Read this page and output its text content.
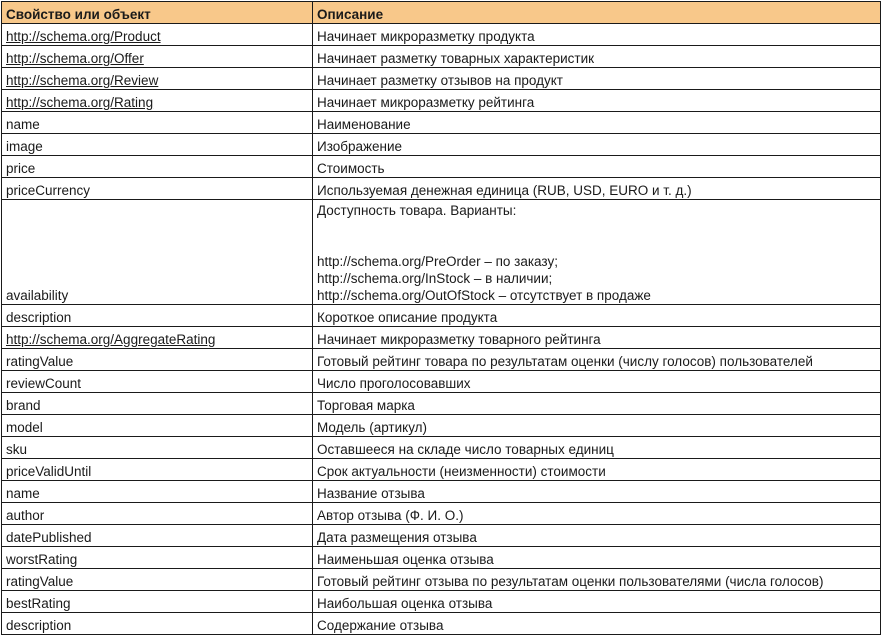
Свойство или объект	Описание
http://schema.org/Product	Начинает микроразметку продукта
http://schema.org/Offer	Начинает разметку товарных характеристик
http://schema.org/Review	Начинает разметку отзывов на продукт
http://schema.org/Rating	Начинает микроразметку рейтинга
name	Наименование
image	Изображение
price	Стоимость
priceCurrency	Используемая денежная единица (RUB, USD, EURO и т. д.)
availability	Доступность товара. Варианты:
http://schema.org/PreOrder – по заказу;
http://schema.org/InStock – в наличии;
http://schema.org/OutOfStock – отсутствует в продаже

description	Короткое описание продукта
http://schema.org/AggregateRating	Начинает микроразметку товарного рейтинга
ratingValue	Готовый рейтинг товара по результатам оценки (числу голосов) пользователей
reviewCount	Число проголосовавших
brand	Торговая марка
model	Модель (артикул)
sku	Оставшееся на складе число товарных единиц
priceValidUntil	Срок актуальности (неизменности) стоимости
name	Название отзыва
author	Автор отзыва (Ф. И. О.)
datePublished	Дата размещения отзыва
worstRating	Наименьшая оценка отзыва
ratingValue	Готовый рейтинг отзыва по результатам оценки пользователями (числа голосов)
bestRating	Наибольшая оценка отзыва
description	Содержание отзыва
